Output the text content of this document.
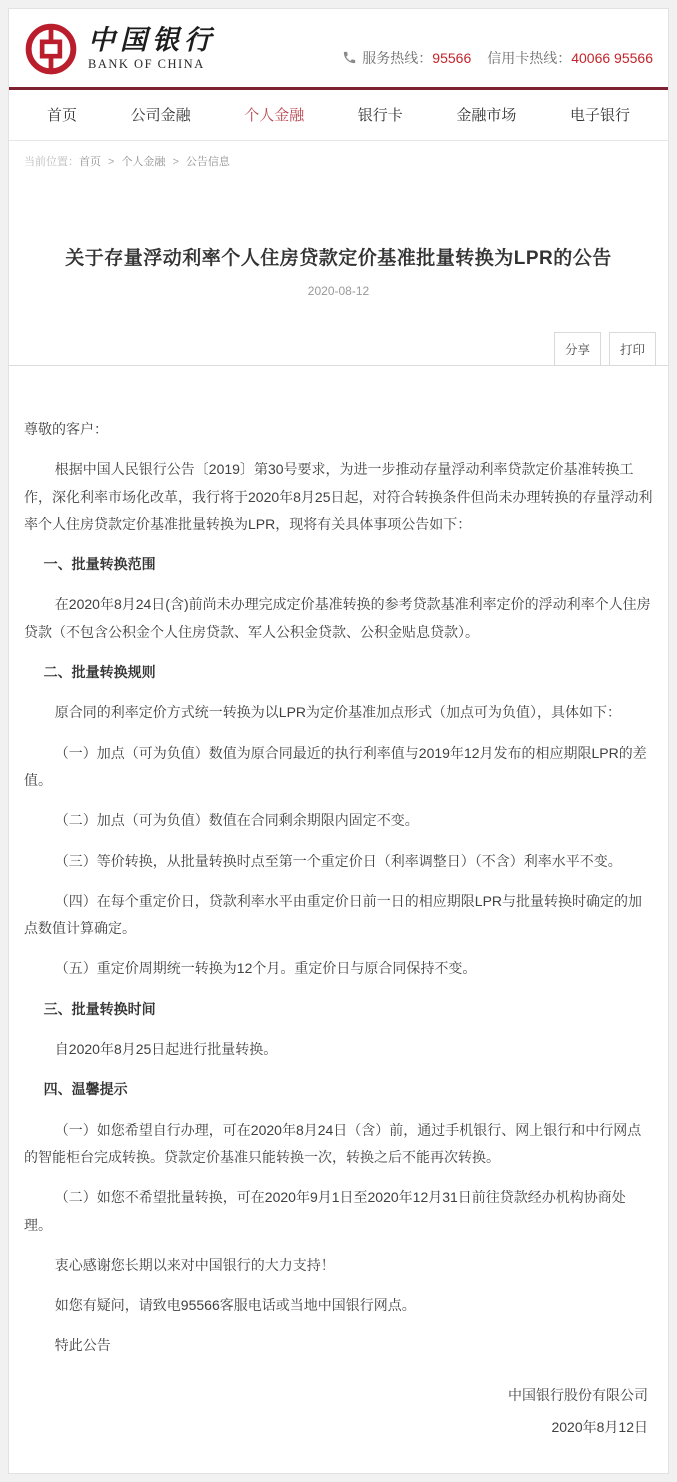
中国银行
BANK OF CHINA	服务热线：95566 信用卡热线：40066 95566
首页	公司金融	个人金融	银行卡	金融市场	电子银行
当前位置：首页 > 个人金融 > 公告信息
关于存量浮动利率个人住房贷款定价基准批量转换为LPR的公告
2020-08-12
分享	打印

尊敬的客户：

根据中国人民银行公告〔2019〕第30号要求，为进一步推动存量浮动利率贷款定价基准转换工作，深化利率市场化改革，我行将于2020年8月25日起，对符合转换条件但尚未办理转换的存量浮动利率个人住房贷款定价基准批量转换为LPR，现将有关具体事项公告如下：

一、批量转换范围

在2020年8月24日(含)前尚未办理完成定价基准转换的参考贷款基准利率定价的浮动利率个人住房贷款（不包含公积金个人住房贷款、军人公积金贷款、公积金贴息贷款）。

二、批量转换规则

原合同的利率定价方式统一转换为以LPR为定价基准加点形式（加点可为负值），具体如下：

（一）加点（可为负值）数值为原合同最近的执行利率值与2019年12月发布的相应期限LPR的差值。

（二）加点（可为负值）数值在合同剩余期限内固定不变。

（三）等价转换，从批量转换时点至第一个重定价日（利率调整日）（不含）利率水平不变。

（四）在每个重定价日，贷款利率水平由重定价日前一日的相应期限LPR与批量转换时确定的加点数值计算确定。

（五）重定价周期统一转换为12个月。重定价日与原合同保持不变。

三、批量转换时间

自2020年8月25日起进行批量转换。

四、温馨提示

（一）如您希望自行办理，可在2020年8月24日（含）前，通过手机银行、网上银行和中行网点的智能柜台完成转换。贷款定价基准只能转换一次，转换之后不能再次转换。

（二）如您不希望批量转换，可在2020年9月1日至2020年12月31日前往贷款经办机构协商处理。

衷心感谢您长期以来对中国银行的大力支持！

如您有疑问，请致电95566客服电话或当地中国银行网点。

特此公告

中国银行股份有限公司
2020年8月12日
